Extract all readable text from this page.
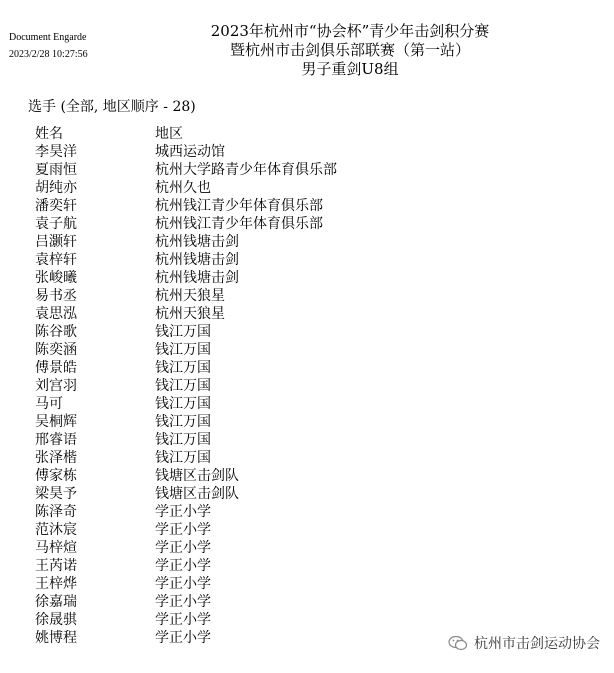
Document Engarde
2023/2/28 10:27:56
2023年杭州市“协会杯”青少年击剑积分赛
暨杭州市击剑俱乐部联赛（第一站）
男子重剑U8组
选手 (全部, 地区顺序 - 28)
姓名	地区
李昊洋	城西运动馆
夏雨恒	杭州大学路青少年体育俱乐部
胡纯亦	杭州久也
潘奕轩	杭州钱江青少年体育俱乐部
袁子航	杭州钱江青少年体育俱乐部
吕灏轩	杭州钱塘击剑
袁梓轩	杭州钱塘击剑
张峻曦	杭州钱塘击剑
易书丞	杭州天狼星
袁思泓	杭州天狼星
陈谷歌	钱江万国
陈奕涵	钱江万国
傅景皓	钱江万国
刘宫羽	钱江万国
马可	钱江万国
吴桐辉	钱江万国
邢睿语	钱江万国
张泽楷	钱江万国
傅家栋	钱塘区击剑队
梁昊予	钱塘区击剑队
陈泽奇	学正小学
范沐宸	学正小学
马梓煊	学正小学
王芮诺	学正小学
王梓烨	学正小学
徐嘉瑞	学正小学
徐晟骐	学正小学
姚博程	学正小学	杭州市击剑运动协会
